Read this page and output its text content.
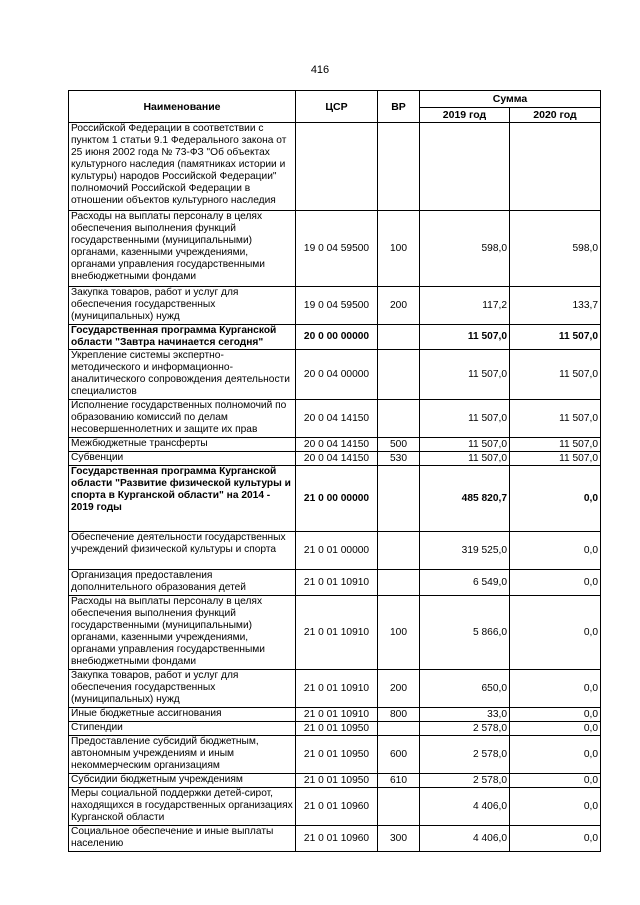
416
Наименование	ЦСР	ВР	Сумма	
			2019 год	2020 год
Российской Федерации в соответствии с пунктом 1 статьи 9.1 Федерального закона от 25 июня 2002 года № 73-ФЗ "Об объектах культурного наследия (памятниках истории и культуры) народов Российской Федерации" полномочий Российской Федерации в отношении объектов культурного наследия				
Расходы на выплаты персоналу в целях обеспечения выполнения функций государственными (муниципальными) органами, казенными учреждениями, органами управления государственными внебюджетными фондами	19 0 04 59500	100	598,0	598,0
Закупка товаров, работ и услуг для обеспечения государственных (муниципальных) нужд	19 0 04 59500	200	117,2	133,7
Государственная программа Курганской области "Завтра начинается сегодня"	20 0 00 00000		11 507,0	11 507,0
Укрепление системы экспертно-методического и информационно-аналитического сопровождения деятельности специалистов	20 0 04 00000		11 507,0	11 507,0
Исполнение государственных полномочий по образованию комиссий по делам несовершеннолетних и защите их прав	20 0 04 14150		11 507,0	11 507,0
Межбюджетные трансферты	20 0 04 14150	500	11 507,0	11 507,0
Субвенции	20 0 04 14150	530	11 507,0	11 507,0
Государственная программа Курганской области "Развитие физической культуры и спорта в Курганской области" на 2014 - 2019 годы	21 0 00 00000		485 820,7	0,0
Обеспечение деятельности государственных учреждений физической культуры и спорта	21 0 01 00000		319 525,0	0,0
Организация предоставления дополнительного образования детей	21 0 01 10910		6 549,0	0,0
Расходы на выплаты персоналу в целях обеспечения выполнения функций государственными (муниципальными) органами, казенными учреждениями, органами управления государственными внебюджетными фондами	21 0 01 10910	100	5 866,0	0,0
Закупка товаров, работ и услуг для обеспечения государственных (муниципальных) нужд	21 0 01 10910	200	650,0	0,0
Иные бюджетные ассигнования	21 0 01 10910	800	33,0	0,0
Стипендии	21 0 01 10950		2 578,0	0,0
Предоставление субсидий бюджетным, автономным учреждениям и иным некоммерческим организациям	21 0 01 10950	600	2 578,0	0,0
Субсидии бюджетным учреждениям	21 0 01 10950	610	2 578,0	0,0
Меры социальной поддержки детей-сирот, находящихся в государственных организациях Курганской области	21 0 01 10960		4 406,0	0,0
Социальное обеспечение и иные выплаты населению	21 0 01 10960	300	4 406,0	0,0
